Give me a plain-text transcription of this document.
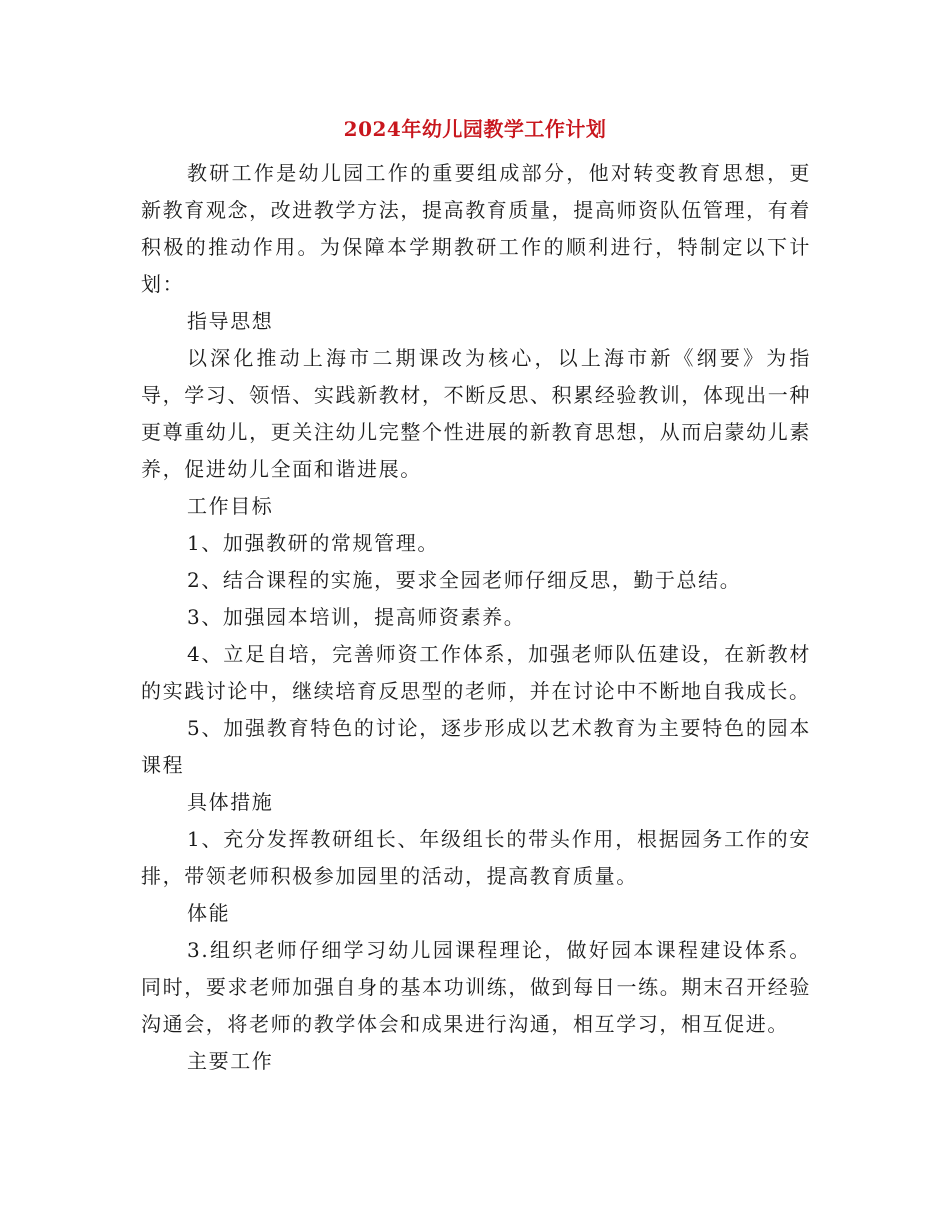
2024年幼儿园教学工作计划

教研工作是幼儿园工作的重要组成部分，他对转变教育思想，更新教育观念，改进教学方法，提高教育质量，提高师资队伍管理，有着积极的推动作用。为保障本学期教研工作的顺利进行，特制定以下计划：

指导思想

以深化推动上海市二期课改为核心，以上海市新《纲要》为指导，学习、领悟、实践新教材，不断反思、积累经验教训，体现出一种更尊重幼儿，更关注幼儿完整个性进展的新教育思想，从而启蒙幼儿素养，促进幼儿全面和谐进展。

工作目标

1、加强教研的常规管理。

2、结合课程的实施，要求全园老师仔细反思，勤于总结。

3、加强园本培训，提高师资素养。

4、立足自培，完善师资工作体系，加强老师队伍建设，在新教材的实践讨论中，继续培育反思型的老师，并在讨论中不断地自我成长。

5、加强教育特色的讨论，逐步形成以艺术教育为主要特色的园本课程

具体措施

1、充分发挥教研组长、年级组长的带头作用，根据园务工作的安排，带领老师积极参加园里的活动，提高教育质量。

体能

3.组织老师仔细学习幼儿园课程理论，做好园本课程建设体系。同时，要求老师加强自身的基本功训练，做到每日一练。期末召开经验沟通会，将老师的教学体会和成果进行沟通，相互学习，相互促进。

主要工作
